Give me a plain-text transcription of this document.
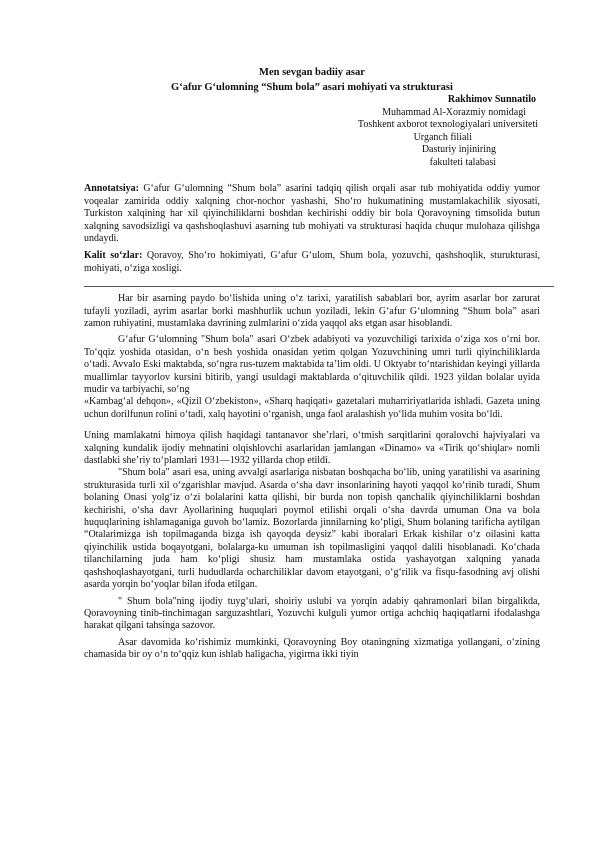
Men sevgan badiiy asar
G‘afur G‘ulomning “Shum bola” asari mohiyati va strukturasi
Rakhimov Sunnatilo
Muhammad Al-Xorazmiy nomidagi
Toshkent axborot texnologiyalari universiteti
Urganch filiali
Dasturiy injiniring
fakulteti talabasi
Annotatsiya: G‘afur G‘ulomning “Shum bola” asarini tadqiq qilish orqali asar tub mohiyatida oddiy yumor voqealar zamirida oddiy xalqning chor-nochor yashashi, Sho‘ro hukumatining mustamlakachilik siyosati, Turkiston xalqining har xil qiyinchiliklarni boshdan kechirishi oddiy bir bola Qoravoyning timsolida butun xalqning savodsizligi va qashshoqlashuvi asarning tub mohiyati va strukturasi haqida chuqur mulohaza qilishga undaydi.
Kalit so‘zlar: Qoravoy, Sho‘ro hokimiyati, G‘afur G‘ulom, Shum bola, yozuvchi, qashshoqlik, sturukturasi, mohiyati, o‘ziga xosligi.

Har bir asarning paydo bo‘lishida uning o‘z tarixi, yaratilish sabablari bor, ayrim asarlar bor zarurat tufayli yoziladi, ayrim asarlar borki mashhurlik uchun yoziladi, lekin G‘afur G‘ulomning “Shum bola” asari zamon ruhiyatini, mustamlaka davrining zulmlarini o‘zida yaqqol aks etgan asar hisoblandi.

G‘afur G‘ulomning "Shum bola" asari O‘zbek adabiyoti va yozuvchiligi tarixida o‘ziga xos o‘rni bor. To‘qqiz yoshida otasidan, o‘n besh yoshida onasidan yetim qolgan Yozuvchining umri turli qiyinchiliklarda o‘tadi. Avvalo Eski maktabda, so‘ngra rus-tuzem maktabida ta’lim oldi. U Oktyabr to‘ntarishidan keyingi yillarda muallimlar tayyorlov kursini bitirib, yangi usuldagi maktablarda o‘qituvchilik qildi. 1923 yildan bolalar uyida mudir va tarbiyachi, so‘ng

«Kambag‘al dehqon», «Qizil O‘zbekiston», «Sharq haqiqati» gazetalari muharririyatlarida ishladi. Gazeta uning uchun dorilfunun rolini o‘tadi, xalq hayotini o‘rganish, unga faol aralashish yo‘lida muhim vosita bo‘ldi.

Uning mamlakatni himoya qilish haqidagi tantanavor she’rlari, o‘tmish sarqitlarini qoralovchi hajviyalari va xalqning kundalik ijodiy mehnatini olqishlovchi asarlaridan jamlangan «Dinamo» va «Tirik qo‘shiqlar» nomli dastlabki she’riy to‘plamlari 1931—1932 yillarda chop etildi.

"Shum bola" asari esa, uning avvalgi asarlariga nisbatan boshqacha bo‘lib, uning yaratilishi va asarining strukturasida turli xil o‘zgarishlar mavjud. Asarda o‘sha davr insonlarining hayoti yaqqol ko‘rinib turadi, Shum bolaning Onasi yolg‘iz o‘zi bolalarini katta qilishi, bir burda non topish qanchalik qiyinchiliklarni boshdan kechirishi, o‘sha davr Ayollarining huquqlari poymol etilishi orqali o‘sha davrda umuman Ona va bola huquqlarining ishlamaganiga guvoh bo‘lamiz. Bozorlarda jinnilarning ko‘pligi, Shum bolaning tarificha aytilgan “Otalarimizga ish topilmaganda bizga ish qayoqda deysiz” kabi iboralari Erkak kishilar o‘z oilasini katta qiyinchilik ustida boqayotgani, bolalarga-ku umuman ish topilmasligini yaqqol dalili hisoblanadi. Ko‘chada tilanchilarning juda ham ko‘pligi shusiz ham mustamlaka ostida yashayotgan xalqning yanada qashshoqlashayotgani, turli hududlarda ocharchiliklar davom etayotgani, o‘g‘rilik va fisqu-fasodning avj olishi asarda yorqin bo‘yoqlar bilan ifoda etilgan.

" Shum bola"ning ijodiy tuyg‘ulari, shoiriy uslubi va yorqin adabiy qahramonlari bilan birgalikda, Qoravoyning tinib-tinchimagan sarguzashtlari, Yozuvchi kulguli yumor ortiga achchiq haqiqatlarni ifodalashga harakat qilgani tahsinga sazovor.

Asar davomida ko‘rishimiz mumkinki, Qoravoyning Boy otaningning xizmatiga yollangani, o‘zining chamasida bir oy o‘n to‘qqiz kun ishlab haligacha, yigirma ikki tiyin
